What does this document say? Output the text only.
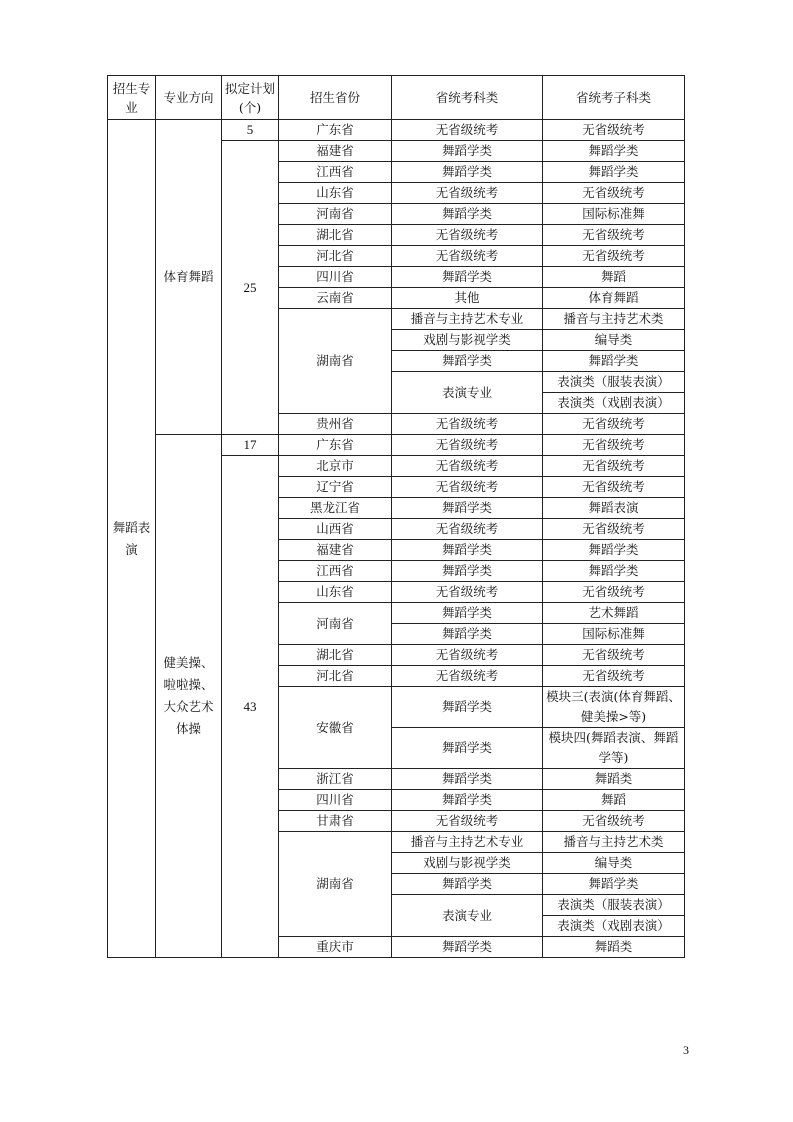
招生专业	专业方向	拟定计划(个)	招生省份	省统考科类	省统考子科类
舞蹈表演	体育舞蹈	5	广东省	无省级统考	无省级统考
		25	福建省	舞蹈学类	舞蹈学类
			江西省	舞蹈学类	舞蹈学类
			山东省	无省级统考	无省级统考
			河南省	舞蹈学类	国际标准舞
			湖北省	无省级统考	无省级统考
			河北省	无省级统考	无省级统考
			四川省	舞蹈学类	舞蹈
			云南省	其他	体育舞蹈
			湖南省	播音与主持艺术专业	播音与主持艺术类
				戏剧与影视学类	编导类
				舞蹈学类	舞蹈学类
				表演专业	表演类（服装表演）
					表演类（戏剧表演）
			贵州省	无省级统考	无省级统考
	健美操、啦啦操、大众艺术体操	17	广东省	无省级统考	无省级统考
		43	北京市	无省级统考	无省级统考
			辽宁省	无省级统考	无省级统考
			黑龙江省	舞蹈学类	舞蹈表演
			山西省	无省级统考	无省级统考
			福建省	舞蹈学类	舞蹈学类
			江西省	舞蹈学类	舞蹈学类
			山东省	无省级统考	无省级统考
			河南省	舞蹈学类	艺术舞蹈
				舞蹈学类	国际标准舞
			湖北省	无省级统考	无省级统考
			河北省	无省级统考	无省级统考
			安徽省	舞蹈学类	模块三(表演(体育舞蹈、健美操>等)
				舞蹈学类	模块四(舞蹈表演、舞蹈学等)
			浙江省	舞蹈学类	舞蹈类
			四川省	舞蹈学类	舞蹈
			甘肃省	无省级统考	无省级统考
			湖南省	播音与主持艺术专业	播音与主持艺术类
				戏剧与影视学类	编导类
				舞蹈学类	舞蹈学类
				表演专业	表演类（服装表演）
					表演类（戏剧表演）
			重庆市	舞蹈学类	舞蹈类
3
